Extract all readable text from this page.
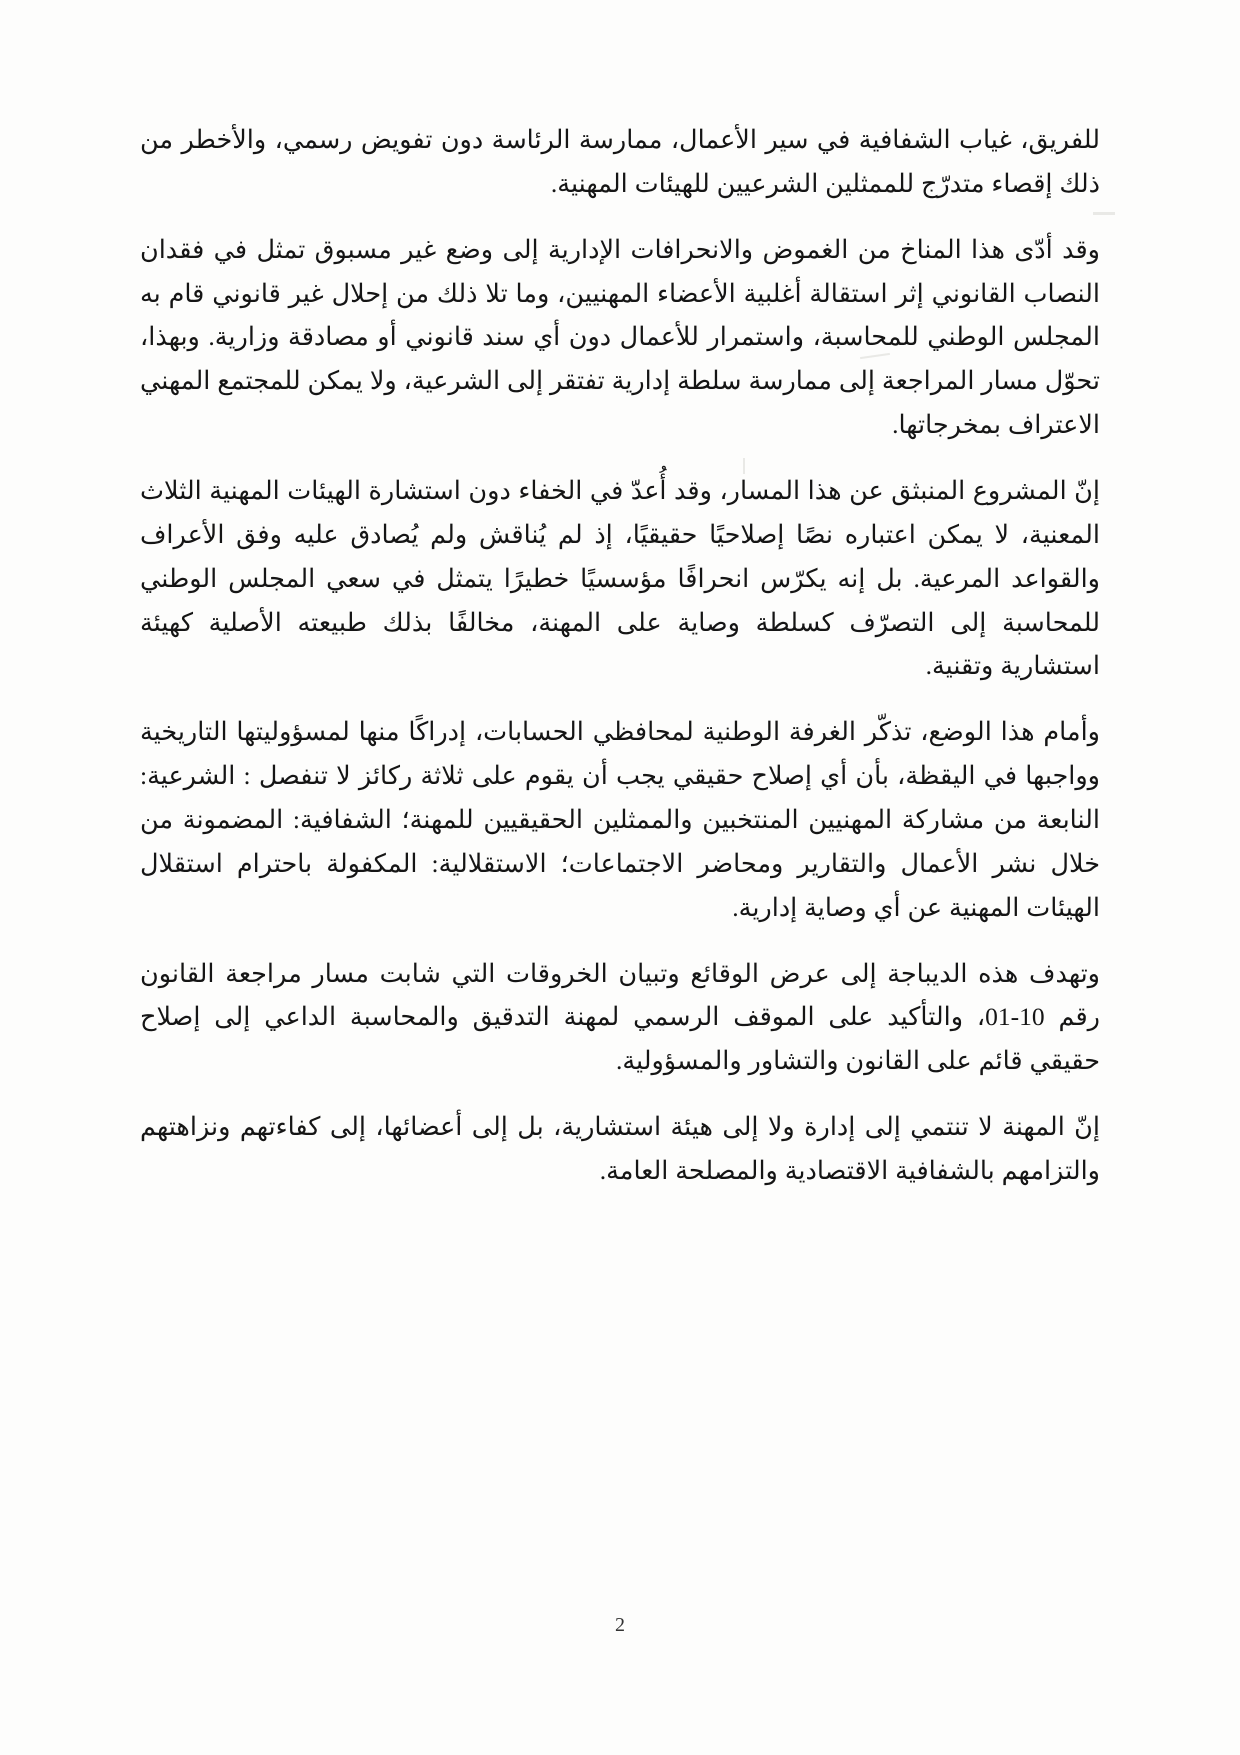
للفريق، غياب الشفافية في سير الأعمال، ممارسة الرئاسة دون تفويض رسمي، والأخطر من ذلك إقصاء متدرّج للممثلين الشرعيين للهيئات المهنية.

وقد أدّى هذا المناخ من الغموض والانحرافات الإدارية إلى وضع غير مسبوق تمثل في فقدان النصاب القانوني إثر استقالة أغلبية الأعضاء المهنيين، وما تلا ذلك من إحلال غير قانوني قام به المجلس الوطني للمحاسبة، واستمرار للأعمال دون أي سند قانوني أو مصادقة وزارية. وبهذا، تحوّل مسار المراجعة إلى ممارسة سلطة إدارية تفتقر إلى الشرعية، ولا يمكن للمجتمع المهني الاعتراف بمخرجاتها.

إنّ المشروع المنبثق عن هذا المسار، وقد أُعدّ في الخفاء دون استشارة الهيئات المهنية الثلاث المعنية، لا يمكن اعتباره نصًا إصلاحيًا حقيقيًا، إذ لم يُناقش ولم يُصادق عليه وفق الأعراف والقواعد المرعية. بل إنه يكرّس انحرافًا مؤسسيًا خطيرًا يتمثل في سعي المجلس الوطني للمحاسبة إلى التصرّف كسلطة وصاية على المهنة، مخالفًا بذلك طبيعته الأصلية كهيئة استشارية وتقنية.

وأمام هذا الوضع، تذكّر الغرفة الوطنية لمحافظي الحسابات، إدراكًا منها لمسؤوليتها التاريخية وواجبها في اليقظة، بأن أي إصلاح حقيقي يجب أن يقوم على ثلاثة ركائز لا تنفصل : الشرعية: النابعة من مشاركة المهنيين المنتخبين والممثلين الحقيقيين للمهنة؛ الشفافية: المضمونة من خلال نشر الأعمال والتقارير ومحاضر الاجتماعات؛ الاستقلالية: المكفولة باحترام استقلال الهيئات المهنية عن أي وصاية إدارية.

وتهدف هذه الديباجة إلى عرض الوقائع وتبيان الخروقات التي شابت مسار مراجعة القانون رقم 10-01، والتأكيد على الموقف الرسمي لمهنة التدقيق والمحاسبة الداعي إلى إصلاح حقيقي قائم على القانون والتشاور والمسؤولية.

إنّ المهنة لا تنتمي إلى إدارة ولا إلى هيئة استشارية، بل إلى أعضائها، إلى كفاءتهم ونزاهتهم والتزامهم بالشفافية الاقتصادية والمصلحة العامة.

2
